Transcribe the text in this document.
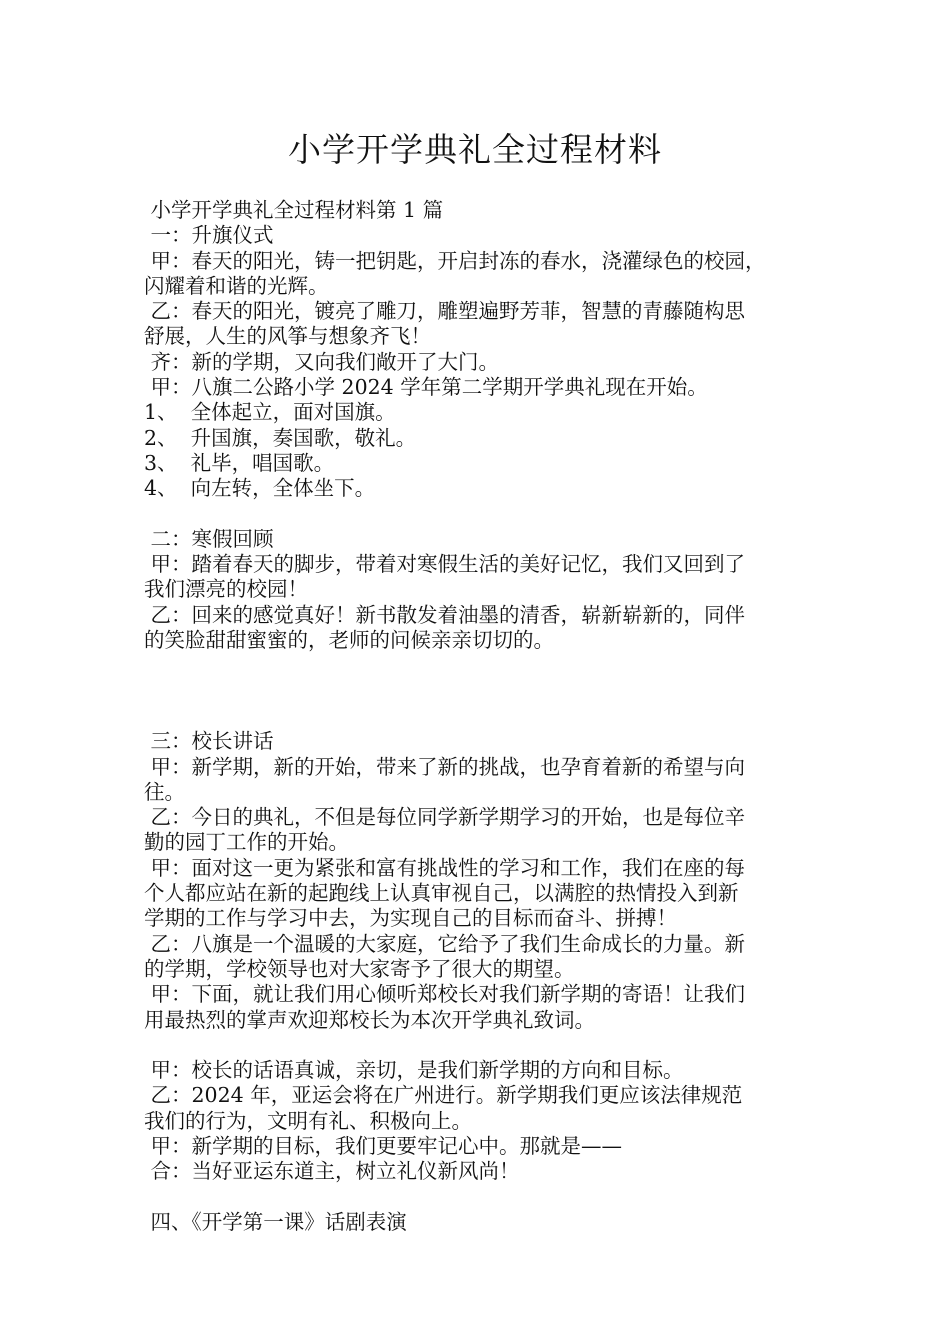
小学开学典礼全过程材料
小学开学典礼全过程材料第 1 篇
一：升旗仪式
甲：春天的阳光，铸一把钥匙，开启封冻的春水，浇灌绿色的校园，
闪耀着和谐的光辉。
乙：春天的阳光，镀亮了雕刀，雕塑遍野芳菲，智慧的青藤随构思
舒展，人生的风筝与想象齐飞！
齐：新的学期，又向我们敞开了大门。
甲：八旗二公路小学 2024 学年第二学期开学典礼现在开始。
1、  全体起立，面对国旗。
2、  升国旗，奏国歌，敬礼。
3、  礼毕，唱国歌。
4、  向左转，全体坐下。
二：寒假回顾
甲：踏着春天的脚步，带着对寒假生活的美好记忆，我们又回到了
我们漂亮的校园！
乙：回来的感觉真好！新书散发着油墨的清香，崭新崭新的，同伴
的笑脸甜甜蜜蜜的，老师的问候亲亲切切的。
三：校长讲话
甲：新学期，新的开始，带来了新的挑战，也孕育着新的希望与向
往。
乙：今日的典礼，不但是每位同学新学期学习的开始，也是每位辛
勤的园丁工作的开始。
甲：面对这一更为紧张和富有挑战性的学习和工作，我们在座的每
个人都应站在新的起跑线上认真审视自己，以满腔的热情投入到新
学期的工作与学习中去，为实现自己的目标而奋斗、拼搏！
乙：八旗是一个温暖的大家庭，它给予了我们生命成长的力量。新
的学期，学校领导也对大家寄予了很大的期望。
甲：下面，就让我们用心倾听郑校长对我们新学期的寄语！让我们
用最热烈的掌声欢迎郑校长为本次开学典礼致词。
甲：校长的话语真诚，亲切，是我们新学期的方向和目标。
乙：2024 年，亚运会将在广州进行。新学期我们更应该法律规范
我们的行为，文明有礼、积极向上。
甲：新学期的目标，我们更要牢记心中。那就是——
合：当好亚运东道主，树立礼仪新风尚！
四、《开学第一课》话剧表演
